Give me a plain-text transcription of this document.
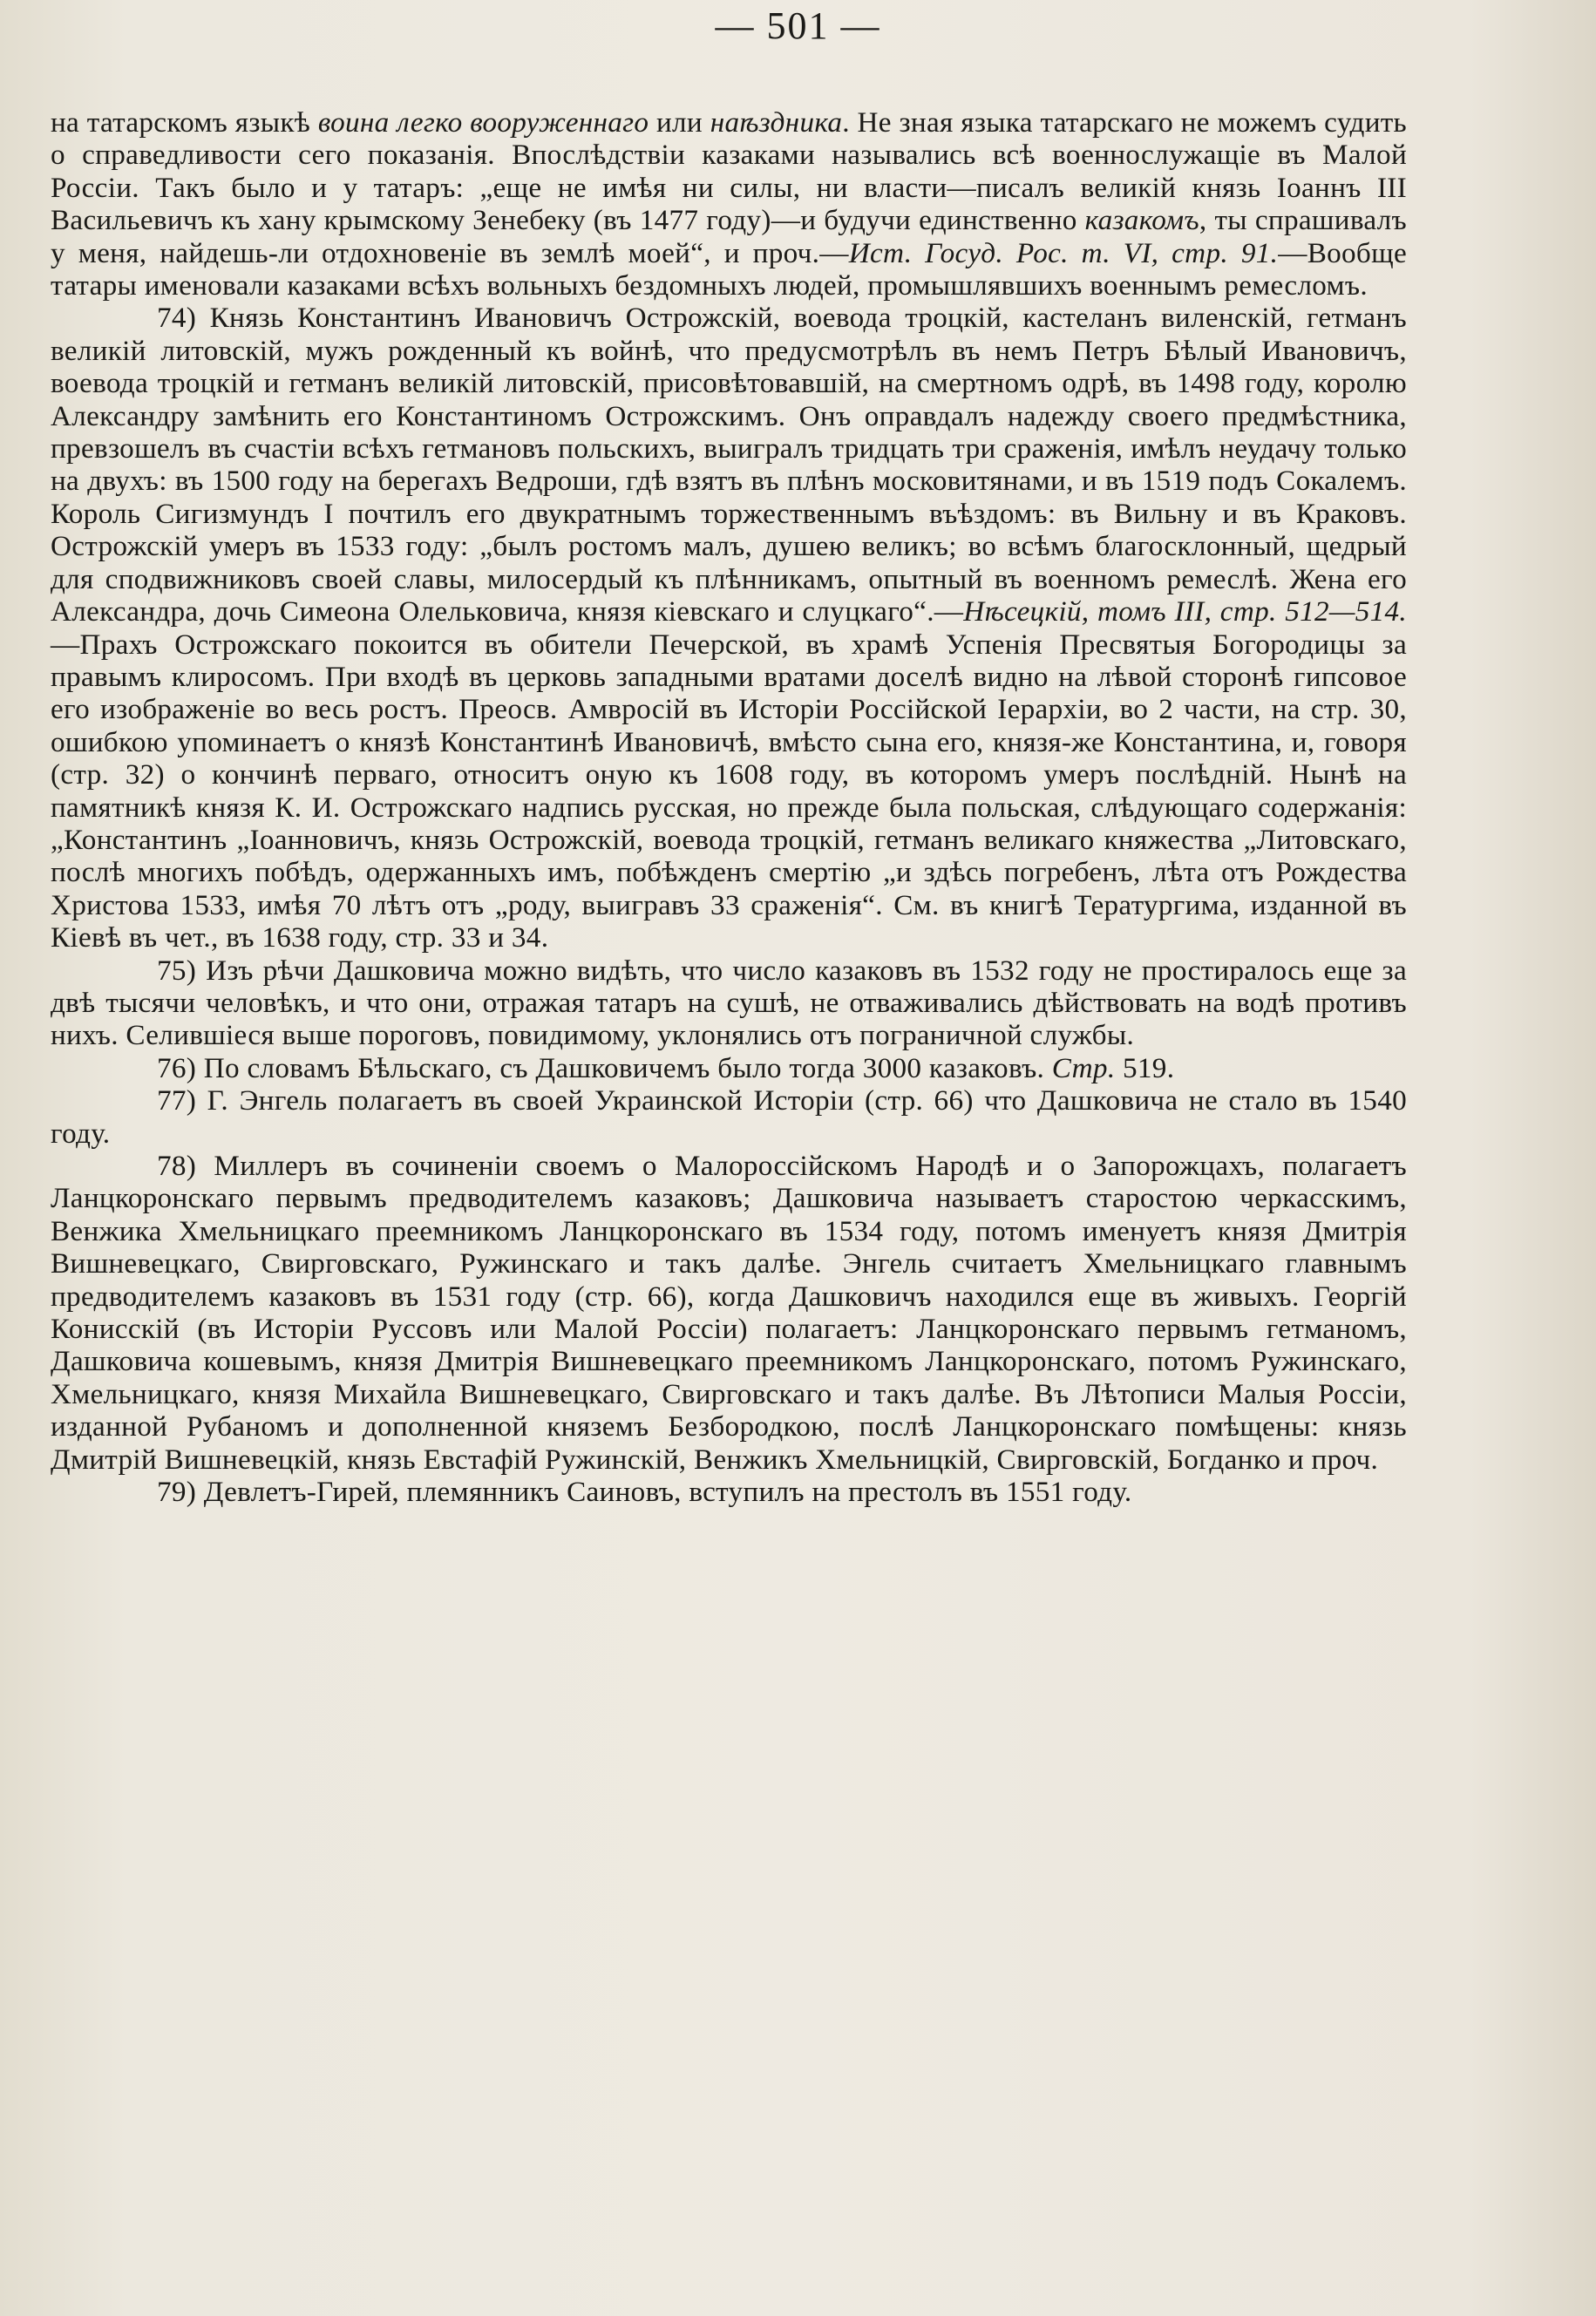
— 501 —

на татарскомъ языкѣ воина легко вооруженнаго или наѣздника. Не зная языка татарскаго не можемъ судить о справедливости сего показанія. Впослѣдствіи казаками назывались всѣ военнослужащіе въ Малой Россіи. Такъ было и у татаръ: „еще не имѣя ни силы, ни власти—писалъ великій князь Іоаннъ III Васильевичъ къ хану крымскому Зенебеку (въ 1477 году)—и будучи единственно казакомъ, ты спрашивалъ у меня, найдешь-ли отдохновеніе въ землѣ моей“, и проч.—Ист. Госуд. Рос. т. VI, стр. 91.—Вообще татары именовали казаками всѣхъ вольныхъ бездомныхъ людей, промышлявшихъ военнымъ ремесломъ.

74) Князь Константинъ Ивановичъ Острожскій, воевода троцкій, кастеланъ виленскій, гетманъ великій литовскій, мужъ рожденный къ войнѣ, что предусмотрѣлъ въ немъ Петръ Бѣлый Ивановичъ, воевода троцкій и гетманъ великій литовскій, присовѣтовавшій, на смертномъ одрѣ, въ 1498 году, королю Александру замѣнить его Константиномъ Острожскимъ. Онъ оправдалъ надежду своего предмѣстника, превзошелъ въ счастіи всѣхъ гетмановъ польскихъ, выигралъ тридцать три сраженія, имѣлъ неудачу только на двухъ: въ 1500 году на берегахъ Ведроши, гдѣ взятъ въ плѣнъ московитянами, и въ 1519 подъ Сокалемъ. Король Сигизмундъ I почтилъ его двукратнымъ торжественнымъ въѣздомъ: въ Вильну и въ Краковъ. Острожскій умеръ въ 1533 году: „былъ ростомъ малъ, душею великъ; во всѣмъ благосклонный, щедрый для сподвижниковъ своей славы, милосердый къ плѣнникамъ, опытный въ военномъ ремеслѣ. Жена его Александра, дочь Симеона Олельковича, князя кіевскаго и слуцкаго“.—Нѣсецкій, томъ III, стр. 512—514.—Прахъ Острожскаго покоится въ обители Печерской, въ храмѣ Успенія Пресвятыя Богородицы за правымъ клиросомъ. При входѣ въ церковь западными вратами доселѣ видно на лѣвой сторонѣ гипсовое его изображеніе во весь ростъ. Преосв. Амвросій въ Исторіи Россійской Іерархіи, во 2 части, на стр. 30, ошибкою упоминаетъ о князѣ Константинѣ Ивановичѣ, вмѣсто сына его, князя-же Константина, и, говоря (стр. 32) о кончинѣ перваго, относитъ оную къ 1608 году, въ которомъ умеръ послѣдній. Нынѣ на памятникѣ князя К. И. Острожскаго надпись русская, но прежде была польская, слѣдующаго содержанія: „Константинъ „Іоанновичъ, князь Острожскій, воевода троцкій, гетманъ великаго княжества „Литовскаго, послѣ многихъ побѣдъ, одержанныхъ имъ, побѣжденъ смертію „и здѣсь погребенъ, лѣта отъ Рождества Христова 1533, имѣя 70 лѣтъ отъ „роду, выигравъ 33 сраженія“. См. въ книгѣ Тератургима, изданной въ Кіевѣ въ чет., въ 1638 году, стр. 33 и 34.

75) Изъ рѣчи Дашковича можно видѣть, что число казаковъ въ 1532 году не простиралось еще за двѣ тысячи человѣкъ, и что они, отражая татаръ на сушѣ, не отваживались дѣйствовать на водѣ противъ нихъ. Селившіеся выше пороговъ, повидимому, уклонялись отъ пограничной службы.

76) По словамъ Бѣльскаго, съ Дашковичемъ было тогда 3000 казаковъ. Стр. 519.

77) Г. Энгель полагаетъ въ своей Украинской Исторіи (стр. 66) что Дашковича не стало въ 1540 году.

78) Миллеръ въ сочиненіи своемъ о Малороссійскомъ Народѣ и о Запорожцахъ, полагаетъ Ланцкоронскаго первымъ предводителемъ казаковъ; Дашковича называетъ старостою черкасскимъ, Венжика Хмельницкаго преемникомъ Ланцкоронскаго въ 1534 году, потомъ именуетъ князя Дмитрія Вишневецкаго, Свирговскаго, Ружинскаго и такъ далѣе. Энгель считаетъ Хмельницкаго главнымъ предводителемъ казаковъ въ 1531 году (стр. 66), когда Дашковичъ находился еще въ живыхъ. Георгій Конисскій (въ Исторіи Руссовъ или Малой Россіи) полагаетъ: Ланцкоронскаго первымъ гетманомъ, Дашковича кошевымъ, князя Дмитрія Вишневецкаго преемникомъ Ланцкоронскаго, потомъ Ружинскаго, Хмельницкаго, князя Михайла Вишневецкаго, Свирговскаго и такъ далѣе. Въ Лѣтописи Малыя Россіи, изданной Рубаномъ и дополненной княземъ Безбородкою, послѣ Ланцкоронскаго помѣщены: князь Дмитрій Вишневецкій, князь Евстафій Ружинскій, Венжикъ Хмельницкій, Свирговскій, Богданко и проч.

79) Девлетъ-Гирей, племянникъ Саиновъ, вступилъ на престолъ въ 1551 году.
